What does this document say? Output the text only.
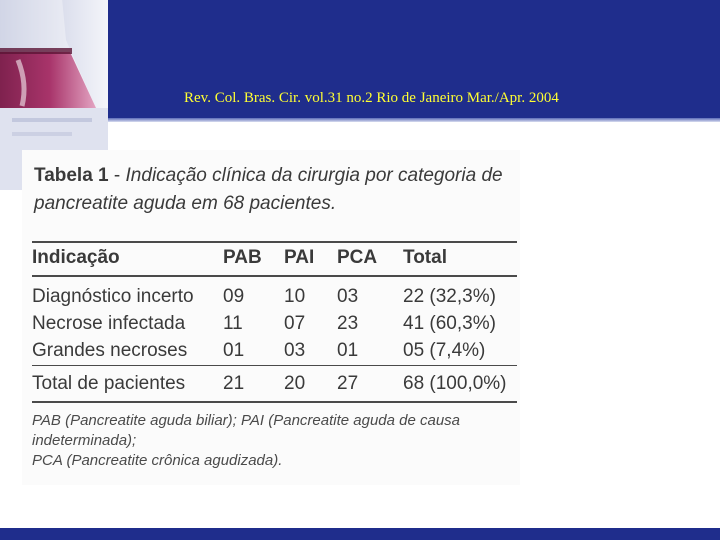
Rev. Col. Bras. Cir. vol.31 no.2 Rio de Janeiro Mar./Apr. 2004
Tabela 1 - Indicação clínica da cirurgia por categoria de pancreatite aguda em 68 pacientes.
Indicação	PAB PAI PCA Total
Diagnóstico incerto 09 10 03 22 (32,3%)
Necrose infectada 11 07 23 41 (60,3%)
Grandes necroses 01 03 01 05 (7,4%)
Total de pacientes 21 20 27 68 (100,0%)
PAB (Pancreatite aguda biliar); PAI (Pancreatite aguda de causa indeterminada);
PCA (Pancreatite crônica agudizada).
